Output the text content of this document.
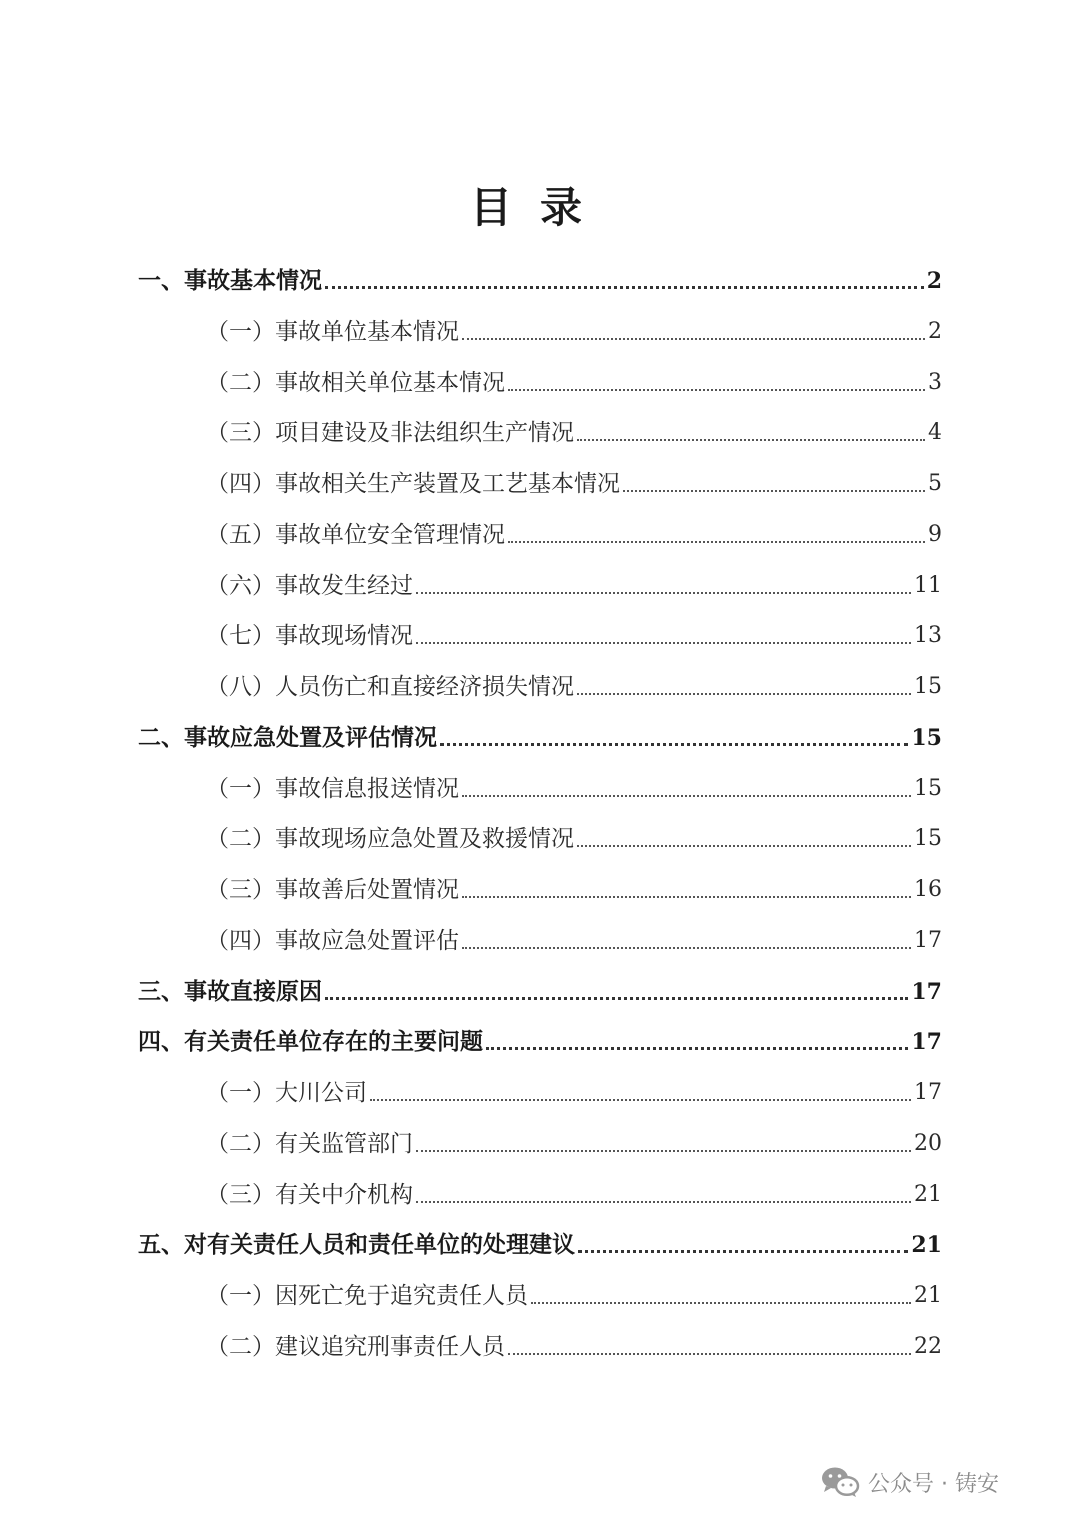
目录
一、事故基本情况	2
（一）事故单位基本情况	2
（二）事故相关单位基本情况	3
（三）项目建设及非法组织生产情况	4
（四）事故相关生产装置及工艺基本情况	5
（五）事故单位安全管理情况	9
（六）事故发生经过	11
（七）事故现场情况	13
（八）人员伤亡和直接经济损失情况	15
二、事故应急处置及评估情况	15
（一）事故信息报送情况	15
（二）事故现场应急处置及救援情况	15
（三）事故善后处置情况	16
（四）事故应急处置评估	17
三、事故直接原因	17
四、有关责任单位存在的主要问题	17
（一）大川公司	17
（二）有关监管部门	20
（三）有关中介机构	21
五、对有关责任人员和责任单位的处理建议	21
（一）因死亡免于追究责任人员	21
（二）建议追究刑事责任人员	22
公众号 · 铸安
